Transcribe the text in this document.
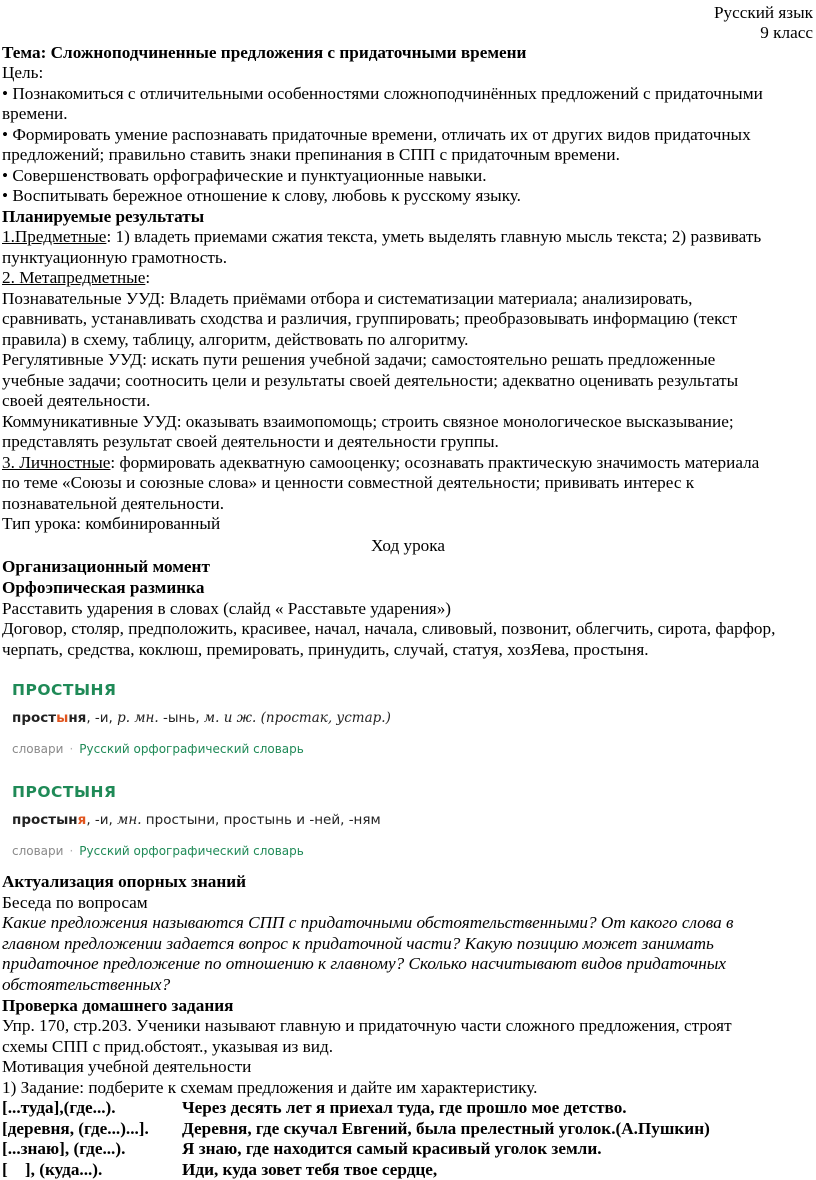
Русский язык
9 класс
Тема: Сложноподчиненные предложения с придаточными времени
Цель:
• Познакомиться с отличительными особенностями сложноподчинённых предложений с придаточными
времени.
• Формировать умение распознавать придаточные времени, отличать их от других видов придаточных
предложений; правильно ставить знаки препинания в СПП с придаточным времени.
• Совершенствовать орфографические и пунктуационные навыки.
• Воспитывать бережное отношение к слову, любовь к русскому языку.
Планируемые результаты
1.Предметные: 1) владеть приемами сжатия текста, уметь выделять главную мысль текста; 2) развивать
пунктуационную грамотность.
2. Метапредметные:
Познавательные УУД: Владеть приёмами отбора и систематизации материала; анализировать,
сравнивать, устанавливать сходства и различия, группировать; преобразовывать информацию (текст
правила) в схему, таблицу, алгоритм, действовать по алгоритму.
Регулятивные УУД: искать пути решения учебной задачи; самостоятельно решать предложенные
учебные задачи; соотносить цели и результаты своей деятельности; адекватно оценивать результаты
своей деятельности.
Коммуникативные УУД: оказывать взаимопомощь; строить связное монологическое высказывание;
представлять результат своей деятельности и деятельности группы.
3. Личностные: формировать адекватную самооценку; осознавать практическую значимость материала
по теме «Союзы и союзные слова» и ценности совместной деятельности; прививать интерес к
познавательной деятельности.
Тип урока: комбинированный
Ход урока
Организационный момент
Орфоэпическая разминка
Расставить ударения в словах (слайд « Расставьте ударения»)
Договор, столяр, предположить, красивее, начал, начала, сливовый, позвонит, облегчить, сирота, фарфор,
черпать, средства, коклюш, премировать, принудить, случай, статуя, хозЯева, простыня.
ПРОСТЫНЯ
простыня, -и, р. мн. -ынь, м. и ж. (простак, устар.)
словари · Русский орфографический словарь
ПРОСТЫНЯ
простыня, -и, мн. простыни, простынь и -ней, -ням
словари · Русский орфографический словарь
Актуализация опорных знаний
Беседа по вопросам
Какие предложения называются СПП с придаточными обстоятельственными? От какого слова в
главном предложении задается вопрос к придаточной части? Какую позицию может занимать
придаточное предложение по отношению к главному? Сколько насчитывают видов придаточных
обстоятельственных?
Проверка домашнего задания
Упр. 170, стр.203. Ученики называют главную и придаточную части сложного предложения, строят
схемы СПП с прид.обстоят., указывая из вид.
Мотивация учебной деятельности
1) Задание: подберите к схемам предложения и дайте им характеристику.
[...туда],(где...).	Через десять лет я приехал туда, где прошло мое детство.
[деревня, (где...)...]. Деревня, где скучал Евгений, была прелестный уголок.(А.Пушкин)
[...знаю], (где...).	Я знаю, где находится самый красивый уголок земли.
[    ], (куда...).	Иди, куда зовет тебя твое сердце,
